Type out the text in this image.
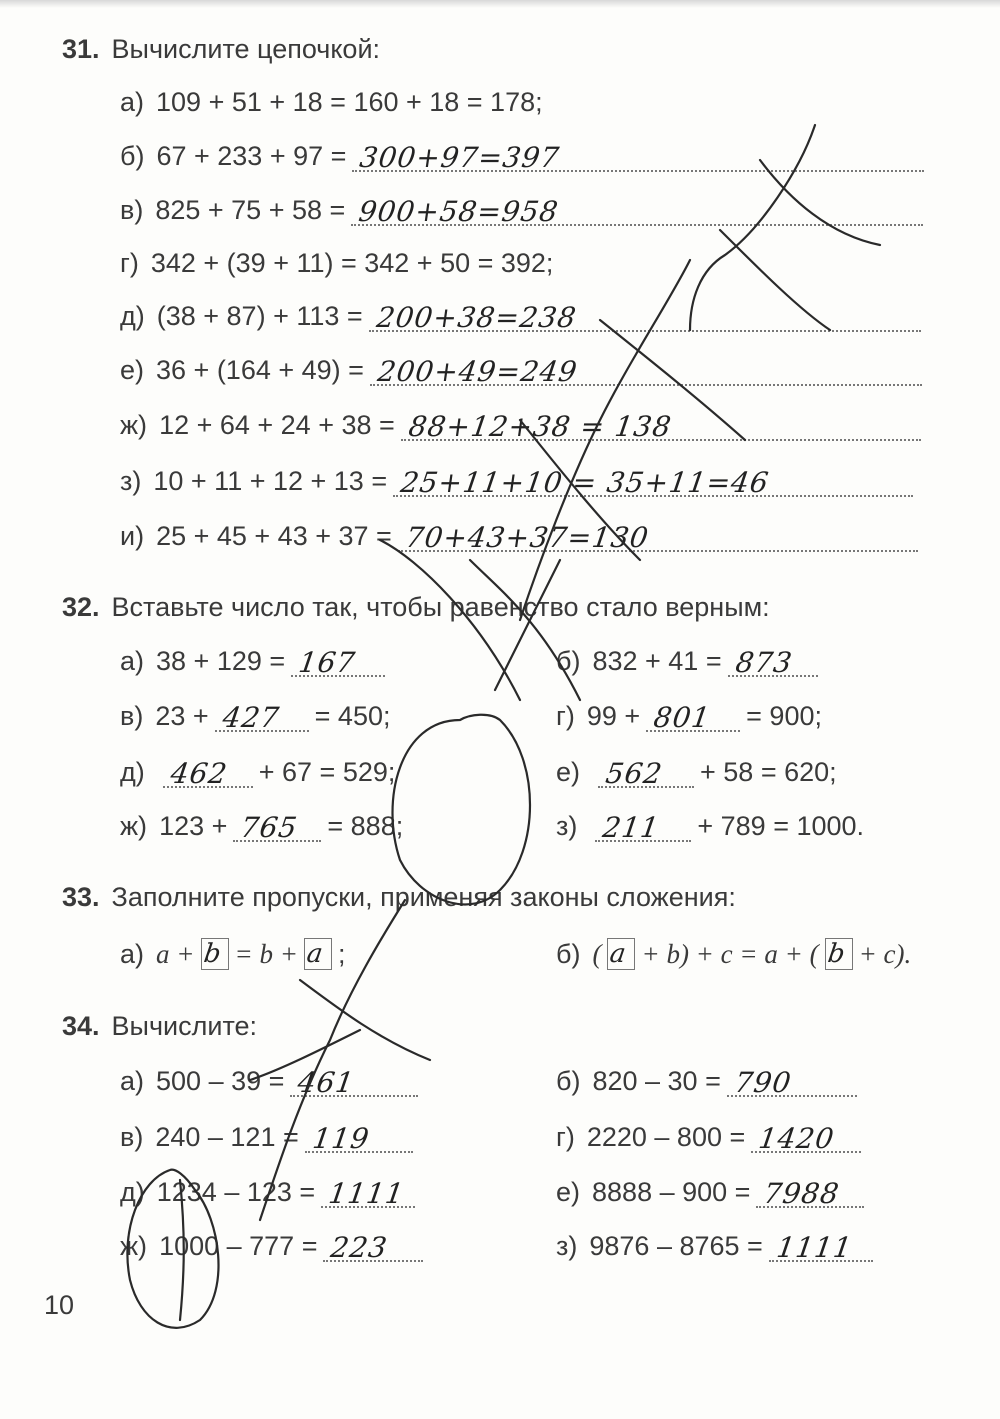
31. Вычислите цепочкой:
а) 109 + 51 + 18 = 160 + 18 = 178;
б) 67 + 233 + 97 = 300+97=397
в) 825 + 75 + 58 = 900+58=958
г) 342 + (39 + 11) = 342 + 50 = 392;
д) (38 + 87) + 113 = 200+38=238
е) 36 + (164 + 49) = 200+49=249
ж) 12 + 64 + 24 + 38 = 88+12+38 = 138
з) 10 + 11 + 12 + 13 = 25+11+10 = 35+11=46
и) 25 + 45 + 43 + 37 = 70+43+37=130
32. Вставьте число так, чтобы равенство стало верным:
а) 38 + 129 = 167	б) 832 + 41 = 873
в) 23 + 427 = 450;	г) 99 + 801 = 900;
д) 462 + 67 = 529;	е) 562 + 58 = 620;
ж) 123 + 765 = 888;	з) 211 + 789 = 1000.
33. Заполните пропуски, применяя законы сложения:
а) a + b = b + a ;	б) ( a + b) + c = a + ( b + c).
34. Вычислите:
а) 500 – 39 = 461	б) 820 – 30 = 790
в) 240 – 121 = 119	г) 2220 – 800 = 1420
д) 1234 – 123 = 1111	е) 8888 – 900 = 7988
ж) 1000 – 777 = 223	з) 9876 – 8765 = 1111
10
